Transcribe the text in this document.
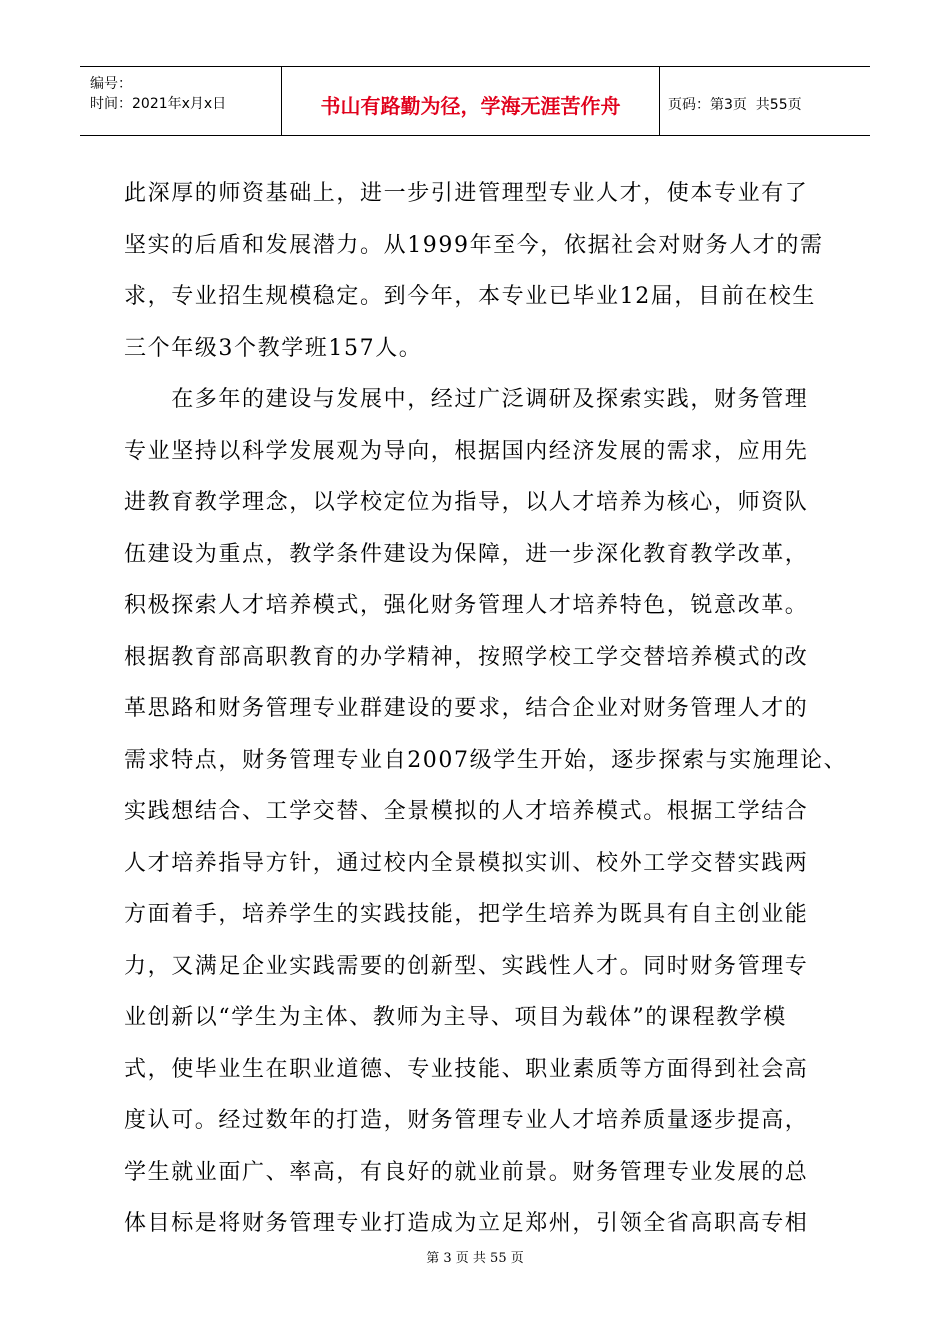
编号：
时间：2021年x月x日	书山有路勤为径，学海无涯苦作舟	页码：第3页  共55页
此深厚的师资基础上，进一步引进管理型专业人才，使本专业有了
坚实的后盾和发展潜力。从1999年至今，依据社会对财务人才的需
求，专业招生规模稳定。到今年，本专业已毕业12届，目前在校生
三个年级3个教学班157人。
　　在多年的建设与发展中，经过广泛调研及探索实践，财务管理
专业坚持以科学发展观为导向，根据国内经济发展的需求，应用先
进教育教学理念，以学校定位为指导，以人才培养为核心，师资队
伍建设为重点，教学条件建设为保障，进一步深化教育教学改革，
积极探索人才培养模式，强化财务管理人才培养特色，锐意改革。
根据教育部高职教育的办学精神，按照学校工学交替培养模式的改
革思路和财务管理专业群建设的要求，结合企业对财务管理人才的
需求特点，财务管理专业自2007级学生开始，逐步探索与实施理论、
实践想结合、工学交替、全景模拟的人才培养模式。根据工学结合
人才培养指导方针，通过校内全景模拟实训、校外工学交替实践两
方面着手，培养学生的实践技能，把学生培养为既具有自主创业能
力，又满足企业实践需要的创新型、实践性人才。同时财务管理专
业创新以“学生为主体、教师为主导、项目为载体”的课程教学模
式，使毕业生在职业道德、专业技能、职业素质等方面得到社会高
度认可。经过数年的打造，财务管理专业人才培养质量逐步提高，
学生就业面广、率高，有良好的就业前景。财务管理专业发展的总
体目标是将财务管理专业打造成为立足郑州，引领全省高职高专相
第 3 页 共 55 页
